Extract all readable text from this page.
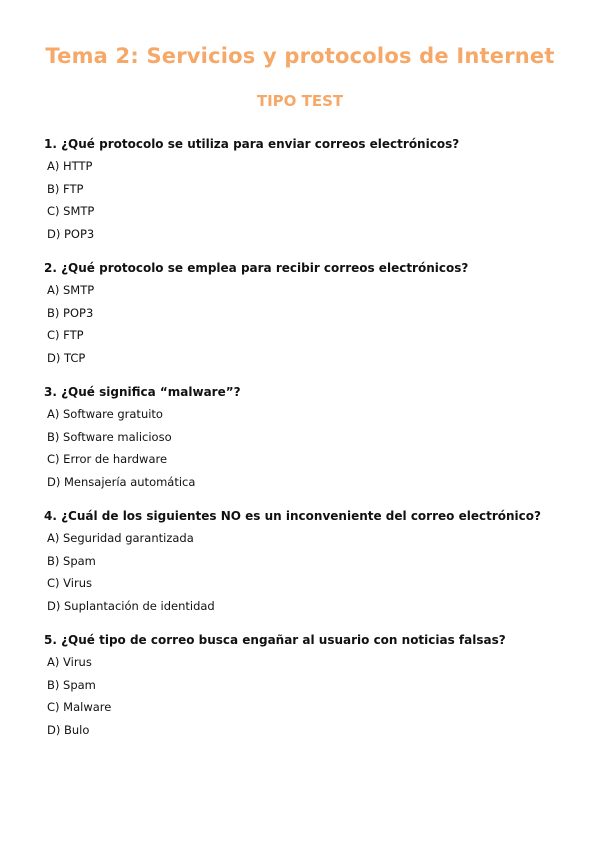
Tema 2: Servicios y protocolos de Internet
TIPO TEST
1. ¿Qué protocolo se utiliza para enviar correos electrónicos?
A) HTTP
B) FTP
C) SMTP
D) POP3
2. ¿Qué protocolo se emplea para recibir correos electrónicos?
A) SMTP
B) POP3
C) FTP
D) TCP
3. ¿Qué significa “malware”?
A) Software gratuito
B) Software malicioso
C) Error de hardware
D) Mensajería automática
4. ¿Cuál de los siguientes NO es un inconveniente del correo electrónico?
A) Seguridad garantizada
B) Spam
C) Virus
D) Suplantación de identidad
5. ¿Qué tipo de correo busca engañar al usuario con noticias falsas?
A) Virus
B) Spam
C) Malware
D) Bulo
